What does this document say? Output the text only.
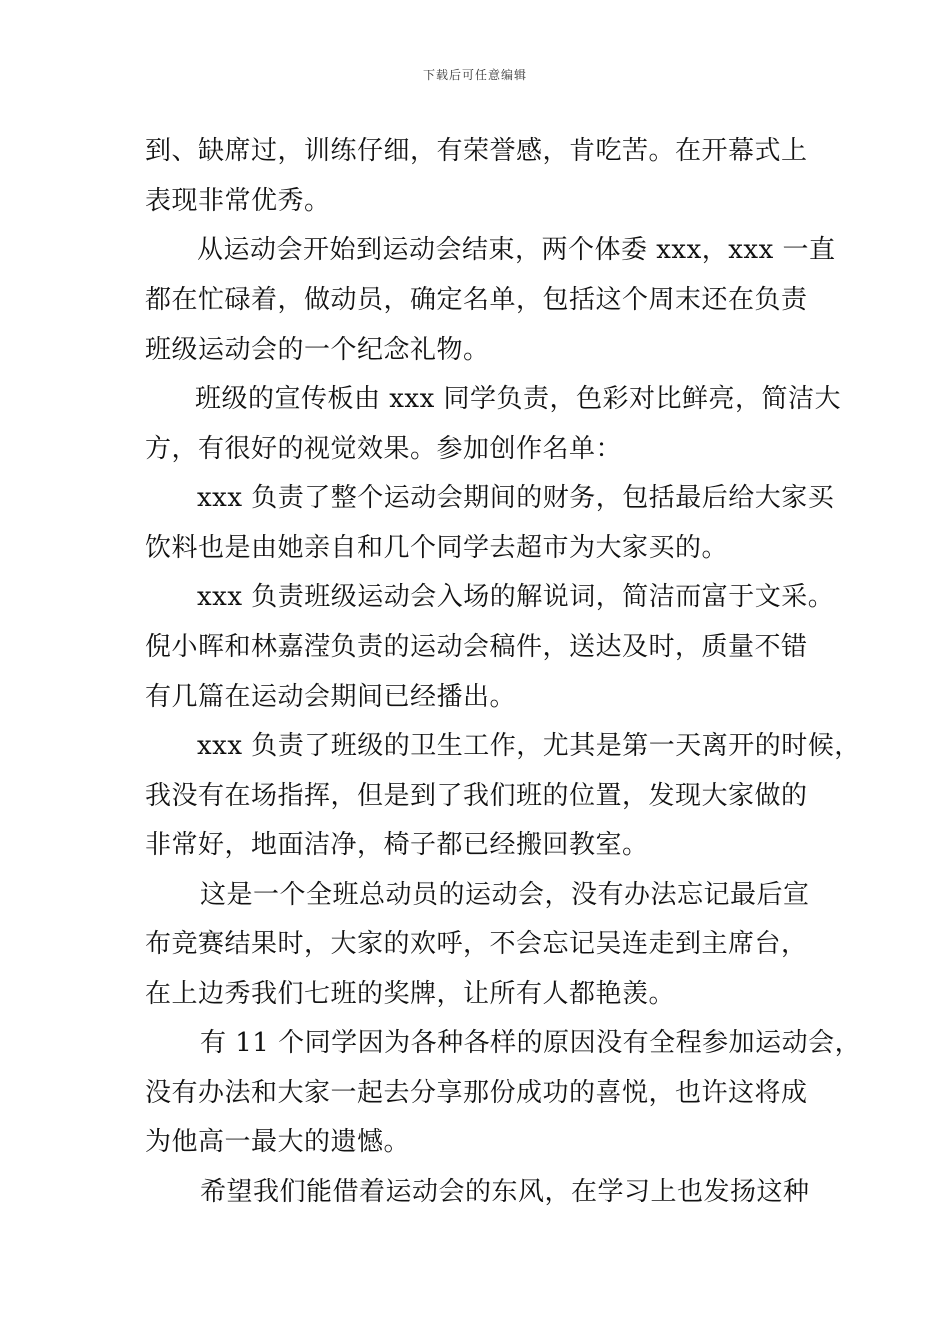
下载后可任意编辑
到、缺席过，训练仔细，有荣誉感，肯吃苦。在开幕式上
表现非常优秀。
从运动会开始到运动会结束，两个体委 xxx，xxx 一直
都在忙碌着，做动员，确定名单，包括这个周末还在负责
班级运动会的一个纪念礼物。
班级的宣传板由 xxx 同学负责，色彩对比鲜亮，简洁大
方，有很好的视觉效果。参加创作名单：
xxx 负责了整个运动会期间的财务，包括最后给大家买
饮料也是由她亲自和几个同学去超市为大家买的。
xxx 负责班级运动会入场的解说词，简洁而富于文采。
倪小晖和林嘉滢负责的运动会稿件，送达及时，质量不错
有几篇在运动会期间已经播出。
xxx 负责了班级的卫生工作，尤其是第一天离开的时候，
我没有在场指挥，但是到了我们班的位置，发现大家做的
非常好，地面洁净，椅子都已经搬回教室。
这是一个全班总动员的运动会，没有办法忘记最后宣
布竞赛结果时，大家的欢呼，不会忘记吴连走到主席台，
在上边秀我们七班的奖牌，让所有人都艳羡。
有 11 个同学因为各种各样的原因没有全程参加运动会，
没有办法和大家一起去分享那份成功的喜悦，也许这将成
为他高一最大的遗憾。
希望我们能借着运动会的东风，在学习上也发扬这种
